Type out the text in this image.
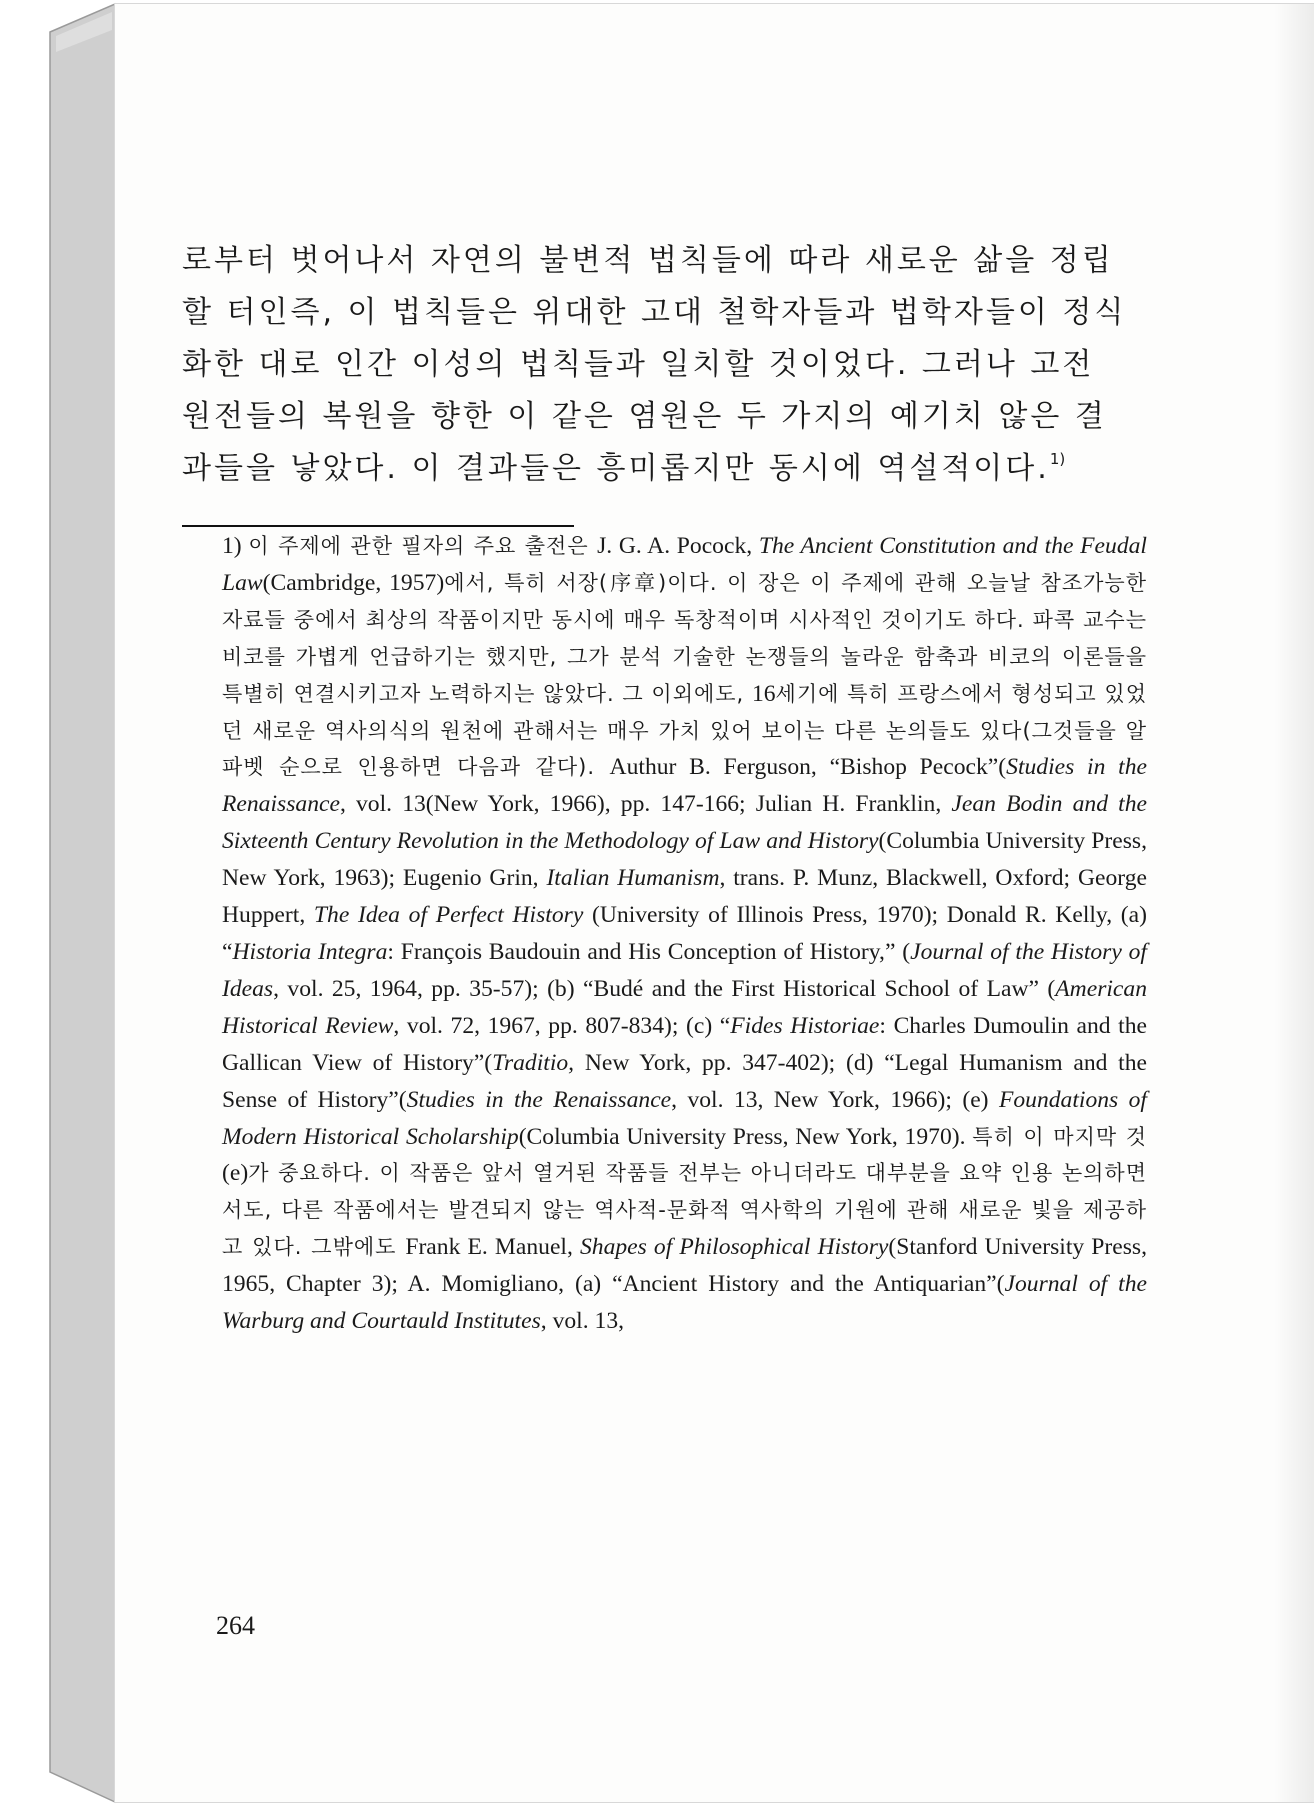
로부터 벗어나서 자연의 불변적 법칙들에 따라 새로운 삶을 정립
할 터인즉, 이 법칙들은 위대한 고대 철학자들과 법학자들이 정식
화한 대로 인간 이성의 법칙들과 일치할 것이었다. 그러나 고전
원전들의 복원을 향한 이 같은 염원은 두 가지의 예기치 않은 결
과들을 낳았다. 이 결과들은 흥미롭지만 동시에 역설적이다.$^{1)}$

1) 이 주제에 관한 필자의 주요 출전은 J. G. A. Pocock, The Ancient Constitution and the Feudal Law(Cambridge, 1957)에서, 특히 서장(序章)이다. 이 장은 이 주제에 관해 오늘날 참조가능한 자료들 중에서 최상의 작품이지만 동시에 매우 독창적이며 시사적인 것이기도 하다. 파콕 교수는 비코를 가볍게 언급하기는 했지만, 그가 분석 기술한 논쟁들의 놀라운 함축과 비코의 이론들을 특별히 연결시키고자 노력하지는 않았다. 그 이외에도, 16세기에 특히 프랑스에서 형성되고 있었던 새로운 역사의식의 원천에 관해서는 매우 가치 있어 보이는 다른 논의들도 있다(그것들을 알파벳 순으로 인용하면 다음과 같다). Authur B. Ferguson, “Bishop Pecock”(Studies in the Renaissance, vol. 13(New York, 1966), pp. 147-166; Julian H. Franklin, Jean Bodin and the Sixteenth Century Revolution in the Methodology of Law and History(Columbia University Press, New York, 1963); Eugenio Grin, Italian Humanism, trans. P. Munz, Blackwell, Oxford; George Huppert, The Idea of Perfect History (University of Illinois Press, 1970); Donald R. Kelly, (a) “Historia Integra: François Baudouin and His Conception of History,” (Journal of the History of Ideas, vol. 25, 1964, pp. 35-57); (b) “Budé and the First Historical School of Law” (American Historical Review, vol. 72, 1967, pp. 807-834); (c) “Fides Historiae: Charles Dumoulin and the Gallican View of History”(Traditio, New York, pp. 347-402); (d) “Legal Humanism and the Sense of History”(Studies in the Renaissance, vol. 13, New York, 1966); (e) Foundations of Modern Historical Scholarship(Columbia University Press, New York, 1970). 특히 이 마지막 것 (e)가 중요하다. 이 작품은 앞서 열거된 작품들 전부는 아니더라도 대부분을 요약 인용 논의하면서도, 다른 작품에서는 발견되지 않는 역사적-문화적 역사학의 기원에 관해 새로운 빛을 제공하고 있다. 그밖에도 Frank E. Manuel, Shapes of Philosophical History(Stanford University Press, 1965, Chapter 3); A. Momigliano, (a) “Ancient History and the Antiquarian”(Journal of the Warburg and Courtauld Institutes, vol. 13,

264
